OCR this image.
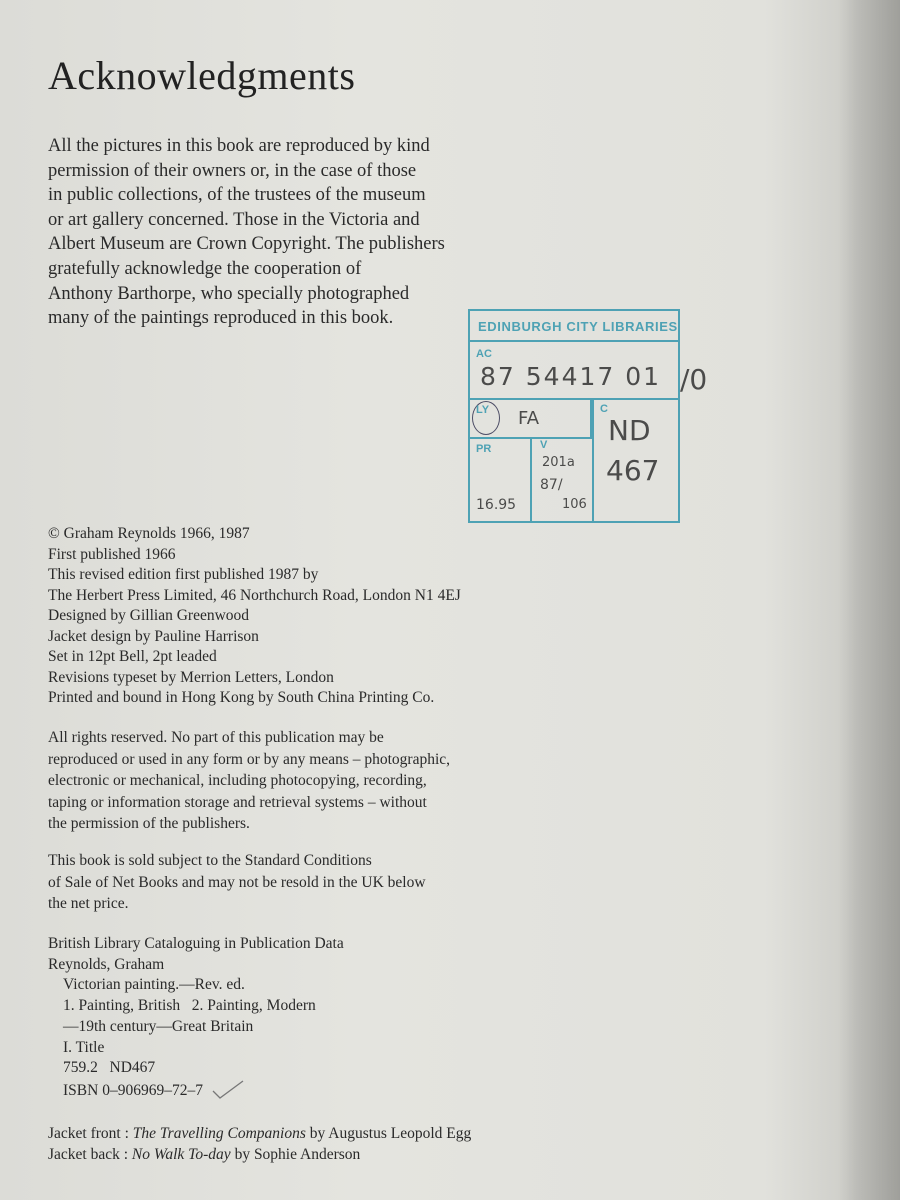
Acknowledgments
All the pictures in this book are reproduced by kind
permission of their owners or, in the case of those
in public collections, of the trustees of the museum
or art gallery concerned. Those in the Victoria and
Albert Museum are Crown Copyright. The publishers
gratefully acknowledge the cooperation of
Anthony Barthorpe, who specially photographed
many of the paintings reproduced in this book.	EDINBURGH CITY LIBRARIES
AC
87 54417 01 /0
LY FA	C
ND
467
PR
16.95
V
201a
87/
106
© Graham Reynolds 1966, 1987
First published 1966
This revised edition first published 1987 by
The Herbert Press Limited, 46 Northchurch Road, London N1 4EJ
Designed by Gillian Greenwood
Jacket design by Pauline Harrison
Set in 12pt Bell, 2pt leaded
Revisions typeset by Merrion Letters, London
Printed and bound in Hong Kong by South China Printing Co.
All rights reserved. No part of this publication may be
reproduced or used in any form or by any means – photographic,
electronic or mechanical, including photocopying, recording,
taping or information storage and retrieval systems – without
the permission of the publishers.
This book is sold subject to the Standard Conditions
of Sale of Net Books and may not be resold in the UK below
the net price.
British Library Cataloguing in Publication Data
Reynolds, Graham
Victorian painting.—Rev. ed.
1. Painting, British   2. Painting, Modern
—19th century—Great Britain
I. Title
759.2   ND467
ISBN 0–906969–72–7
Jacket front : The Travelling Companions by Augustus Leopold Egg
Jacket back : No Walk To-day by Sophie Anderson
